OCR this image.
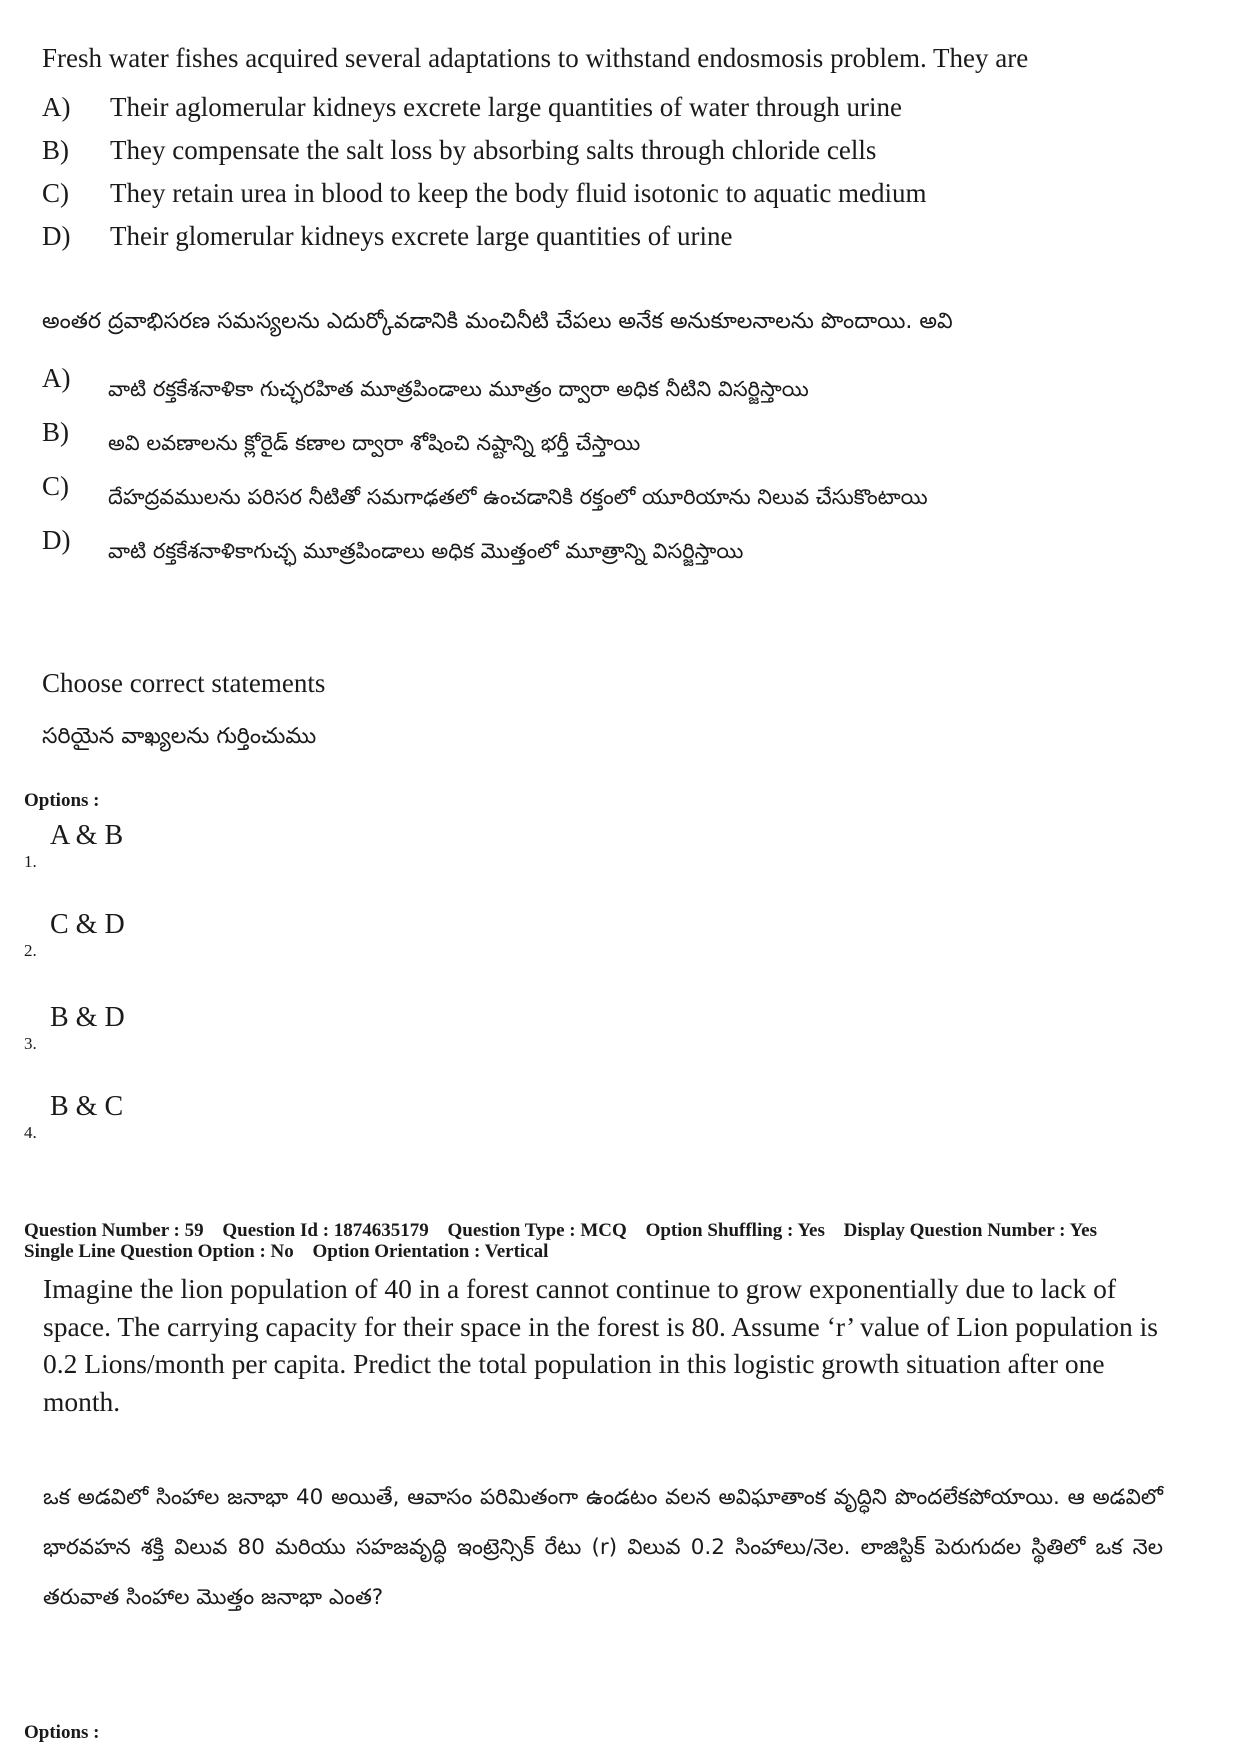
Fresh water fishes acquired several adaptations to withstand endosmosis problem. They are
A)	Their aglomerular kidneys excrete large quantities of water through urine
B)	They compensate the salt loss by absorbing salts through chloride cells
C)	They retain urea in blood to keep the body fluid isotonic to aquatic medium
D)	Their glomerular kidneys excrete large quantities of urine
అంతర ద్రవాభిసరణ సమస్యలను ఎదుర్కోవడానికి మంచినీటి చేపలు అనేక అనుకూలనాలను పొందాయి. అవి
A)	వాటి రక్తకేశనాళికా గుచ్ఛరహిత మూత్రపిండాలు మూత్రం ద్వారా అధిక నీటిని విసర్జిస్తాయి
B)	అవి లవణాలను క్లోరైడ్ కణాల ద్వారా శోషించి నష్టాన్ని భర్తీ చేస్తాయి
C)	దేహద్రవములను పరిసర నీటితో సమగాఢతలో ఉంచడానికి రక్తంలో యూరియాను నిలువ చేసుకొంటాయి
D)	వాటి రక్తకేశనాళికాగుచ్ఛ మూత్రపిండాలు అధిక మొత్తంలో మూత్రాన్ని విసర్జిస్తాయి
Choose correct statements
సరియైన వాఖ్యలను గుర్తించుము
Options :
1.
A & B
2.
C & D
3.
B & D
4.
B & C
Question Number : 59 Question Id : 1874635179 Question Type : MCQ Option Shuffling : Yes Display Question Number : Yes
Single Line Question Option : No Option Orientation : Vertical
Imagine the lion population of 40 in a forest cannot continue to grow exponentially due to lack of space. The carrying capacity for their space in the forest is 80. Assume ‘r’ value of Lion population is 0.2 Lions/month per capita. Predict the total population in this logistic growth situation after one month.
ఒక అడవిలో సింహాల జనాభా 40 అయితే, ఆవాసం పరిమితంగా ఉండటం వలన అవిఘాతాంక వృద్ధిని పొందలేకపోయాయి. ఆ అడవిలో భారవహన శక్తి విలువ 80 మరియు సహజవృద్ధి ఇంట్రెన్సిక్ రేటు (r) విలువ 0.2 సింహాలు/నెల. లాజిస్టిక్ పెరుగుదల స్థితిలో ఒక నెల తరువాత సింహాల మొత్తం జనాభా ఎంత?
Options :
